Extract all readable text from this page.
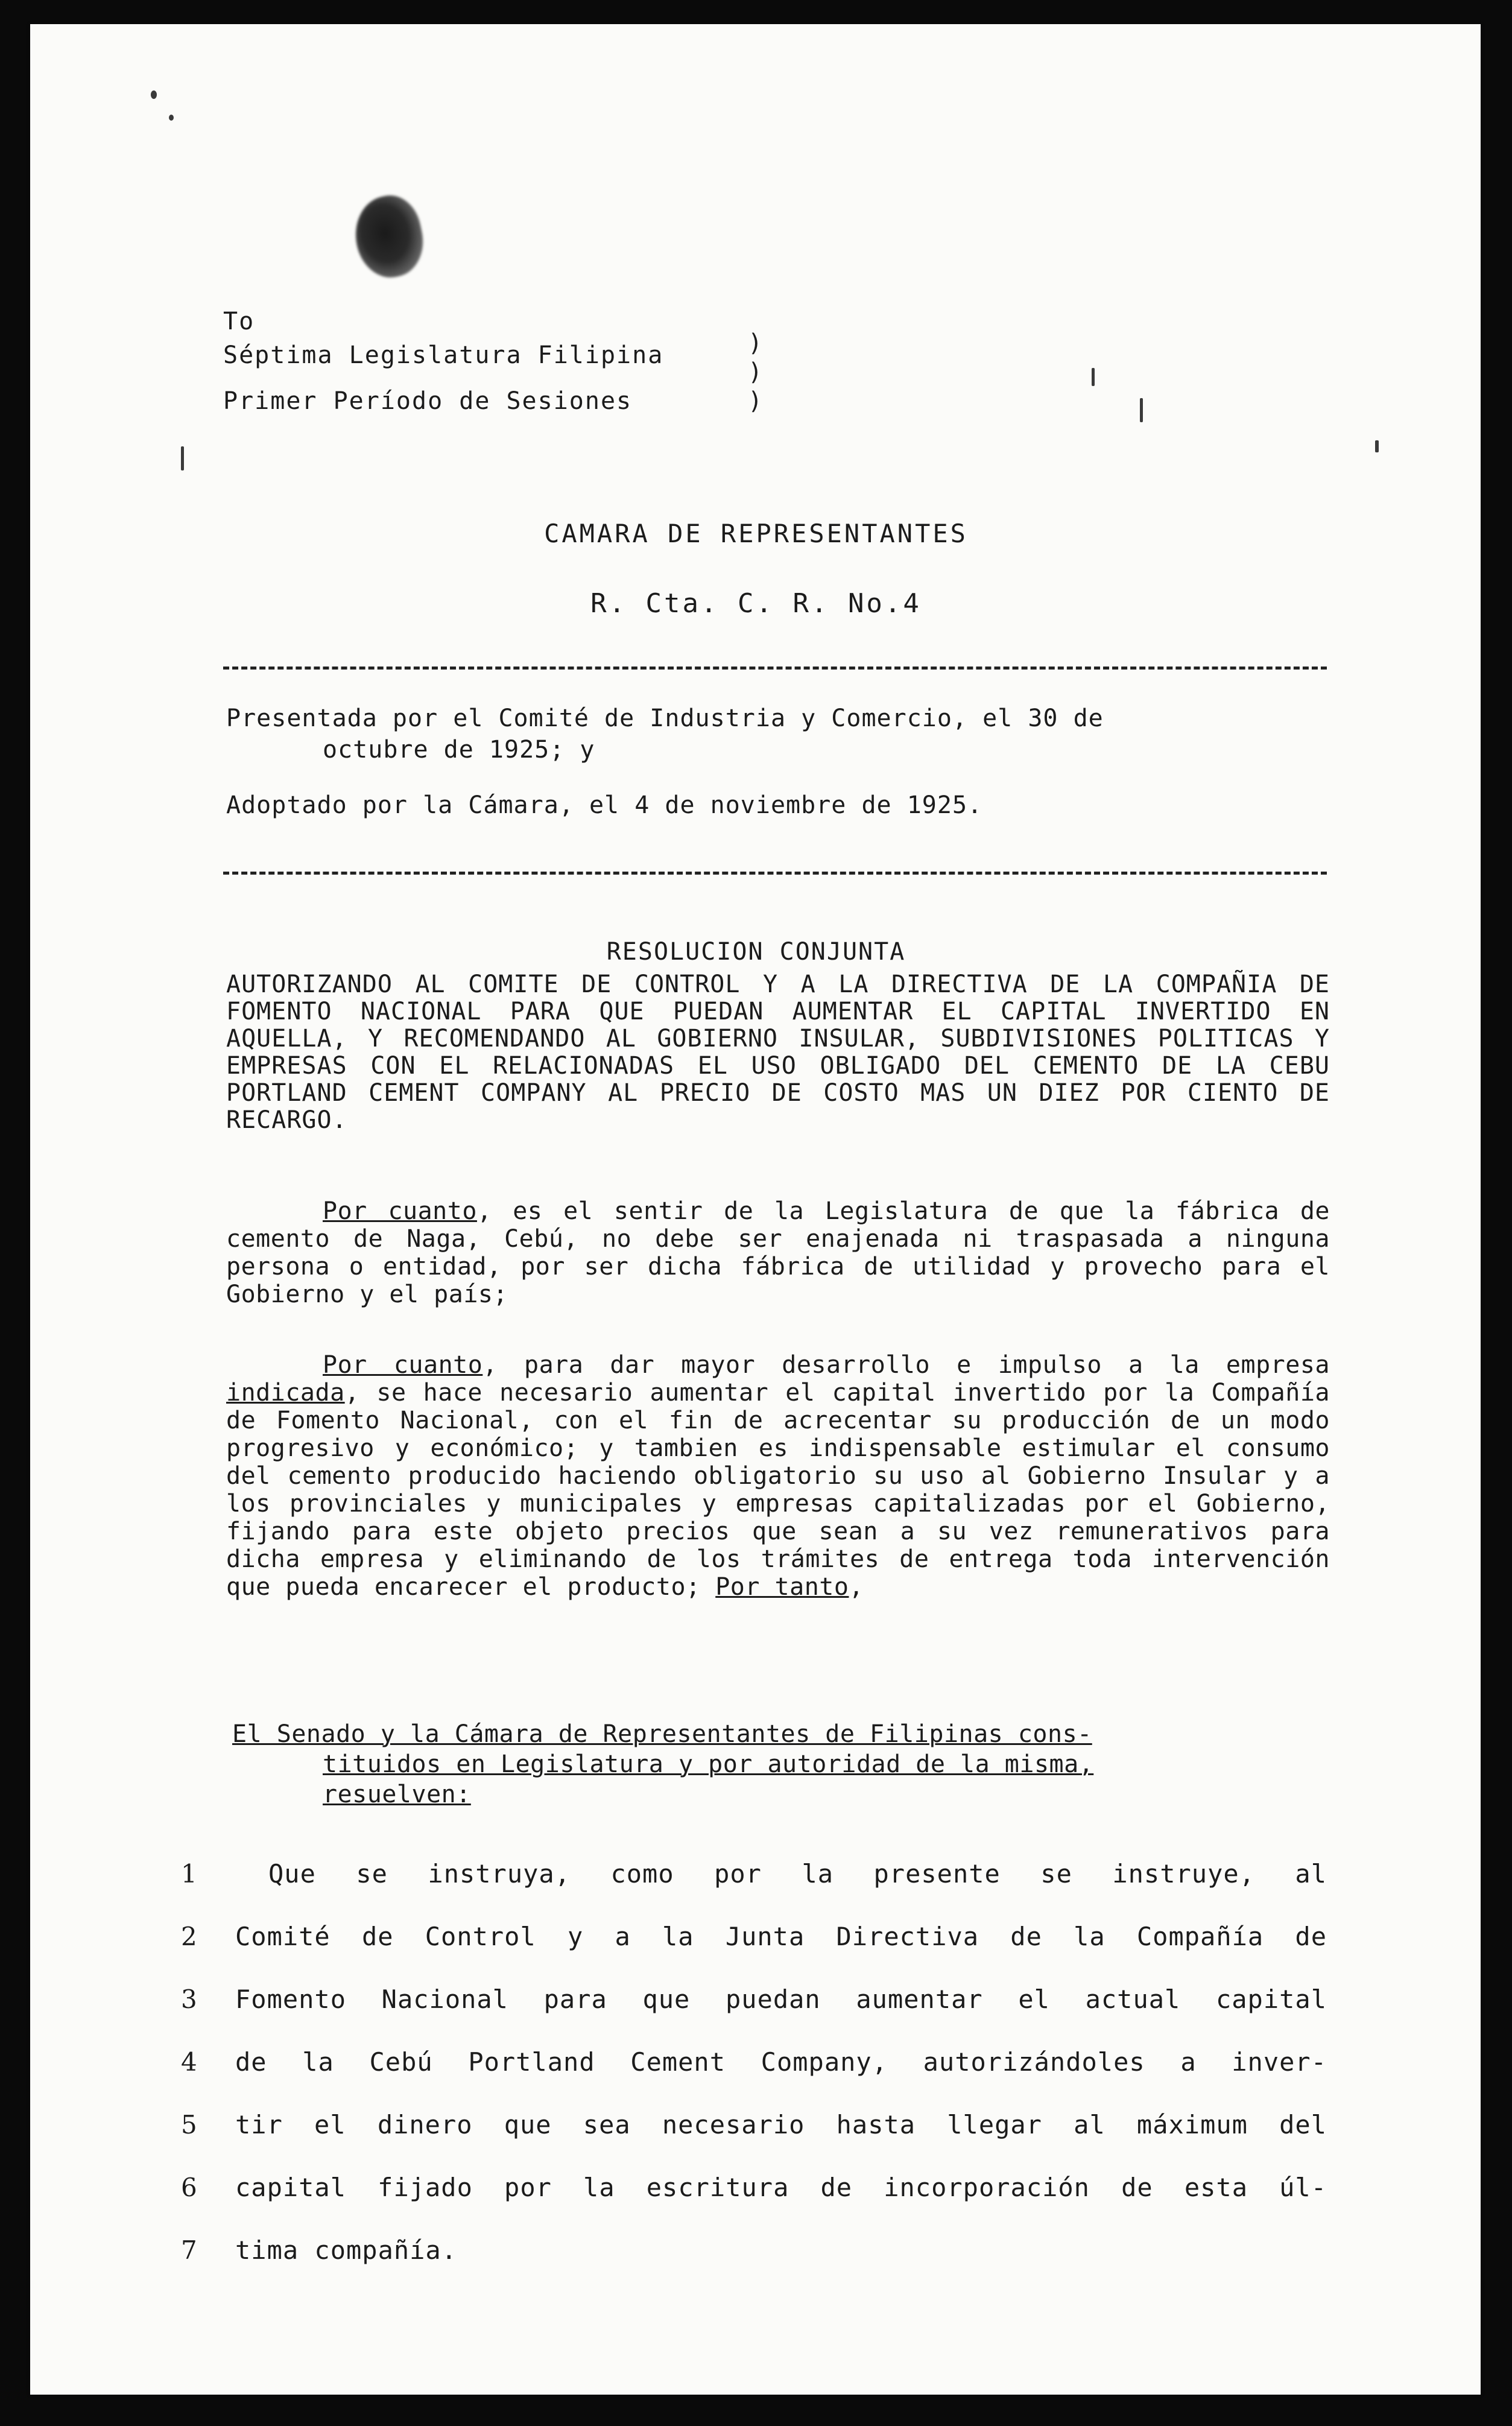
To
Séptima Legislatura Filipina
Primer Período de Sesiones
)
)
)
CAMARA DE REPRESENTANTES
R. Cta. C. R. No.4
Presentada por el Comité de Industria y Comercio, el 30 de
octubre de 1925; y
Adoptado por la Cámara, el 4 de noviembre de 1925.
RESOLUCION CONJUNTA
AUTORIZANDO AL COMITE DE CONTROL Y A LA DIRECTIVA DE LA COMPAÑIA DE FOMENTO NACIONAL PARA QUE PUEDAN AUMENTAR EL CAPITAL INVERTIDO EN AQUELLA, Y RECOMENDANDO AL GOBIERNO INSULAR, SUBDIVISIONES POLITICAS Y EMPRESAS CON EL RELACIONADAS EL USO OBLIGADO DEL CEMENTO DE LA CEBU PORTLAND CEMENT COMPANY AL PRECIO DE COSTO MAS UN DIEZ POR CIENTO DE RECARGO.
Por cuanto, es el sentir de la Legislatura de que la fábrica de cemento de Naga, Cebú, no debe ser enajenada ni traspasada a ninguna persona o entidad, por ser dicha fábrica de utilidad y provecho para el Gobierno y el país;
Por cuanto, para dar mayor desarrollo e impulso a la empresa indicada, se hace necesario aumentar el capital invertido por la Compañía de Fomento Nacional, con el fin de acrecentar su producción de un modo progresivo y económico; y tambien es indispensable estimular el consumo del cemento producido haciendo obligatorio su uso al Gobierno Insular y a los provinciales y municipales y empresas capitalizadas por el Gobierno, fijando para este objeto precios que sean a su vez remunerativos para dicha empresa y eliminando de los trámites de entrega toda intervención que pueda encarecer el producto; Por tanto,
El Senado y la Cámara de Representantes de Filipinas cons-
tituidos en Legislatura y por autoridad de la misma,
resuelven:
1	Que se instruya, como por la presente se instruye, al
2	Comité de Control y a la Junta Directiva de la Compañía de
3	Fomento Nacional para que puedan aumentar el actual capital
4	de la Cebú Portland Cement Company, autorizándoles a inver-
5	tir el dinero que sea necesario hasta llegar al máximum del
6	capital fijado por la escritura de incorporación de esta úl-
7	tima compañía.
